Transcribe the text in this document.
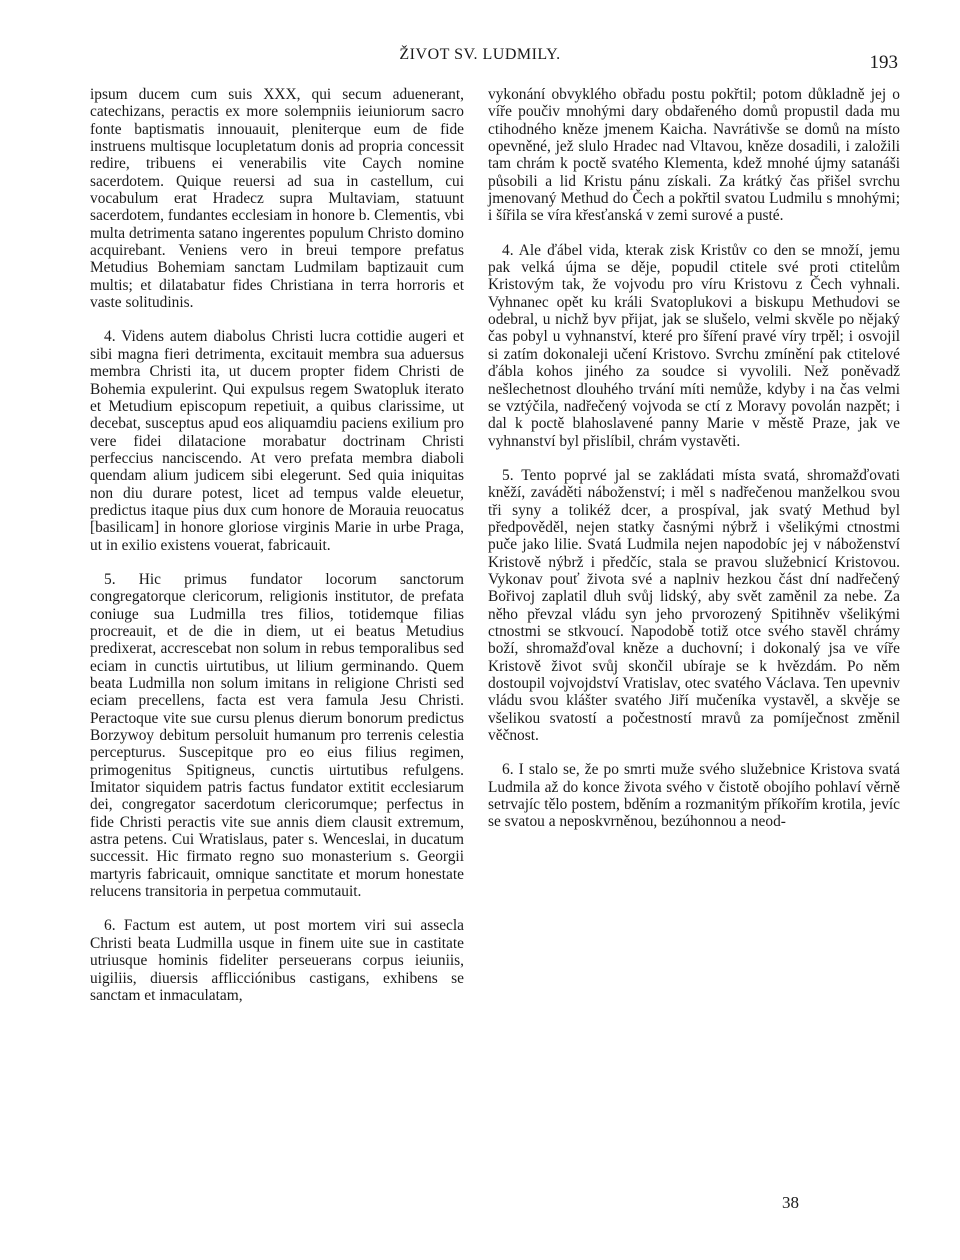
ŽIVOT SV. LUDMILY.	193

ipsum ducem cum suis XXX, qui secum aduenerant, catechizans, peractis ex more solempniis ieiuniorum sacro fonte baptismatis innouauit, pleniterque eum de fide instruens multisque locupletatum donis ad propria concessit redire, tribuens ei venerabilis vite Caych nomine sacerdotem. Quique reuersi ad sua in castellum, cui vocabulum erat Hradecz supra Multaviam, statuunt sacerdotem, fundantes ecclesiam in honore b. Clementis, vbi multa detrimenta satano ingerentes populum Christo domino acquirebant. Veniens vero in breui tempore prefatus Metudius Bohemiam sanctam Ludmilam baptizauit cum multis; et dilatabatur fides Christiana in terra horroris et vaste solitudinis.

4. Videns autem diabolus Christi lucra cottidie augeri et sibi magna fieri detrimenta, excitauit membra sua aduersus membra Christi ita, ut ducem propter fidem Christi de Bohemia expulerint. Qui expulsus regem Swatopluk iterato et Metudium episcopum repetiuit, a quibus clarissime, ut decebat, susceptus apud eos aliquamdiu paciens exilium pro vere fidei dilatacione morabatur doctrinam Christi perfeccius nanciscendo. At vero prefata membra diaboli quendam alium judicem sibi elegerunt. Sed quia iniquitas non diu durare potest, licet ad tempus valde eleuetur, predictus itaque pius dux cum honore de Morauia reuocatus [basilicam] in honore gloriose virginis Marie in urbe Praga, ut in exilio existens vouerat, fabricauit.

5. Hic primus fundator locorum sanctorum congregatorque clericorum, religionis institutor, de prefata coniuge sua Ludmilla tres filios, totidemque filias procreauit, et de die in diem, ut ei beatus Metudius predixerat, accrescebat non solum in rebus temporalibus sed eciam in cunctis uirtutibus, ut lilium germinando. Quem beata Ludmilla non solum imitans in religione Christi sed eciam precellens, facta est vera famula Jesu Christi. Peractoque vite sue cursu plenus dierum bonorum predictus Borzywoy debitum persoluit humanum pro terrenis celestia percepturus. Suscepitque pro eo eius filius regimen, primogenitus Spitigneus, cunctis uirtutibus refulgens. Imitator siquidem patris factus fundator extitit ecclesiarum dei, congregator sacerdotum clericorumque; perfectus in fide Christi peractis vite sue annis diem clausit extremum, astra petens. Cui Wratislaus, pater s. Wenceslai, in ducatum successit. Hic firmato regno suo monasterium s. Georgii martyris fabricauit, omnique sanctitate et morum honestate relucens transitoria in perpetua commutauit.

6. Factum est autem, ut post mortem viri sui assecla Christi beata Ludmilla usque in finem uite sue in castitate utriusque hominis fideliter perseuerans corpus ieiuniis, uigiliis, diuersis afflicciónibus castigans, exhibens se sanctam et inmaculatam,

vykonání obvyklého obřadu postu pokřtil; potom důkladně jej o víře poučiv mnohými dary obdařeného domů propustil dada mu ctihodného kněze jmenem Kaicha. Navrátivše se domů na místo opevněné, jež slulo Hradec nad Vltavou, kněze dosadili, i založili tam chrám k poctě svatého Klementa, kdež mnohé újmy satanáši působili a lid Kristu pánu získali. Za krátký čas přišel svrchu jmenovaný Methud do Čech a pokřtil svatou Ludmilu s mnohými; i šířila se víra křesťanská v zemi surové a pusté.

4. Ale ďábel vida, kterak zisk Kristův co den se množí, jemu pak velká újma se děje, popudil ctitele své proti ctitelům Kristovým tak, že vojvodu pro víru Kristovu z Čech vyhnali. Vyhnanec opět ku králi Svatoplukovi a biskupu Methudovi se odebral, u nichž byv přijat, jak se slušelo, velmi skvěle po nějaký čas pobyl u vyhnanství, které pro šíření pravé víry trpěl; i osvojil si zatím dokonaleji učení Kristovo. Svrchu zmínění pak ctitelové ďábla kohos jiného za soudce si vyvolili. Než poněvadž nešlechetnost dlouhého trvání míti nemůže, kdyby i na čas velmi se vztýčila, nadřečený vojvoda se ctí z Moravy povolán nazpět; i dal k poctě blahoslavené panny Marie v městě Praze, jak ve vyhnanství byl přislíbil, chrám vystavěti.

5. Tento poprvé jal se zakládati místa svatá, shromažďovati kněží, zaváděti náboženství; i měl s nadřečenou manželkou svou tři syny a tolikéž dcer, a prospíval, jak svatý Methud byl předpověděl, nejen statky časnými nýbrž i všelikými ctnostmi puče jako lilie. Svatá Ludmila nejen napodobíc jej v náboženství Kristově nýbrž i předčíc, stala se pravou služebnicí Kristovou. Vykonav pouť života své a naplniv hezkou část dní nadřečený Bořivoj zaplatil dluh svůj lidský, aby svět zaměnil za nebe. Za něho převzal vládu syn jeho prvorozený Spitihněv všelikými ctnostmi se stkvoucí. Napodobě totiž otce svého stavěl chrámy boží, shromažďoval kněze a duchovní; i dokonalý jsa ve víře Kristově život svůj skončil ubíraje se k hvězdám. Po něm dostoupil vojvojdství Vratislav, otec svatého Václava. Ten upevniv vládu svou klášter svatého Jiří mučeníka vystavěl, a skvěje se všelikou svatostí a počestností mravů za pomíječnost změnil věčnost.

6. I stalo se, že po smrti muže svého služebnice Kristova svatá Ludmila až do konce života svého v čistotě obojího pohlaví věrně setrvajíc tělo postem, bděním a rozmanitým příkořím krotila, jevíc se svatou a neposkvrněnou, bezúhonnou a neod-

38
